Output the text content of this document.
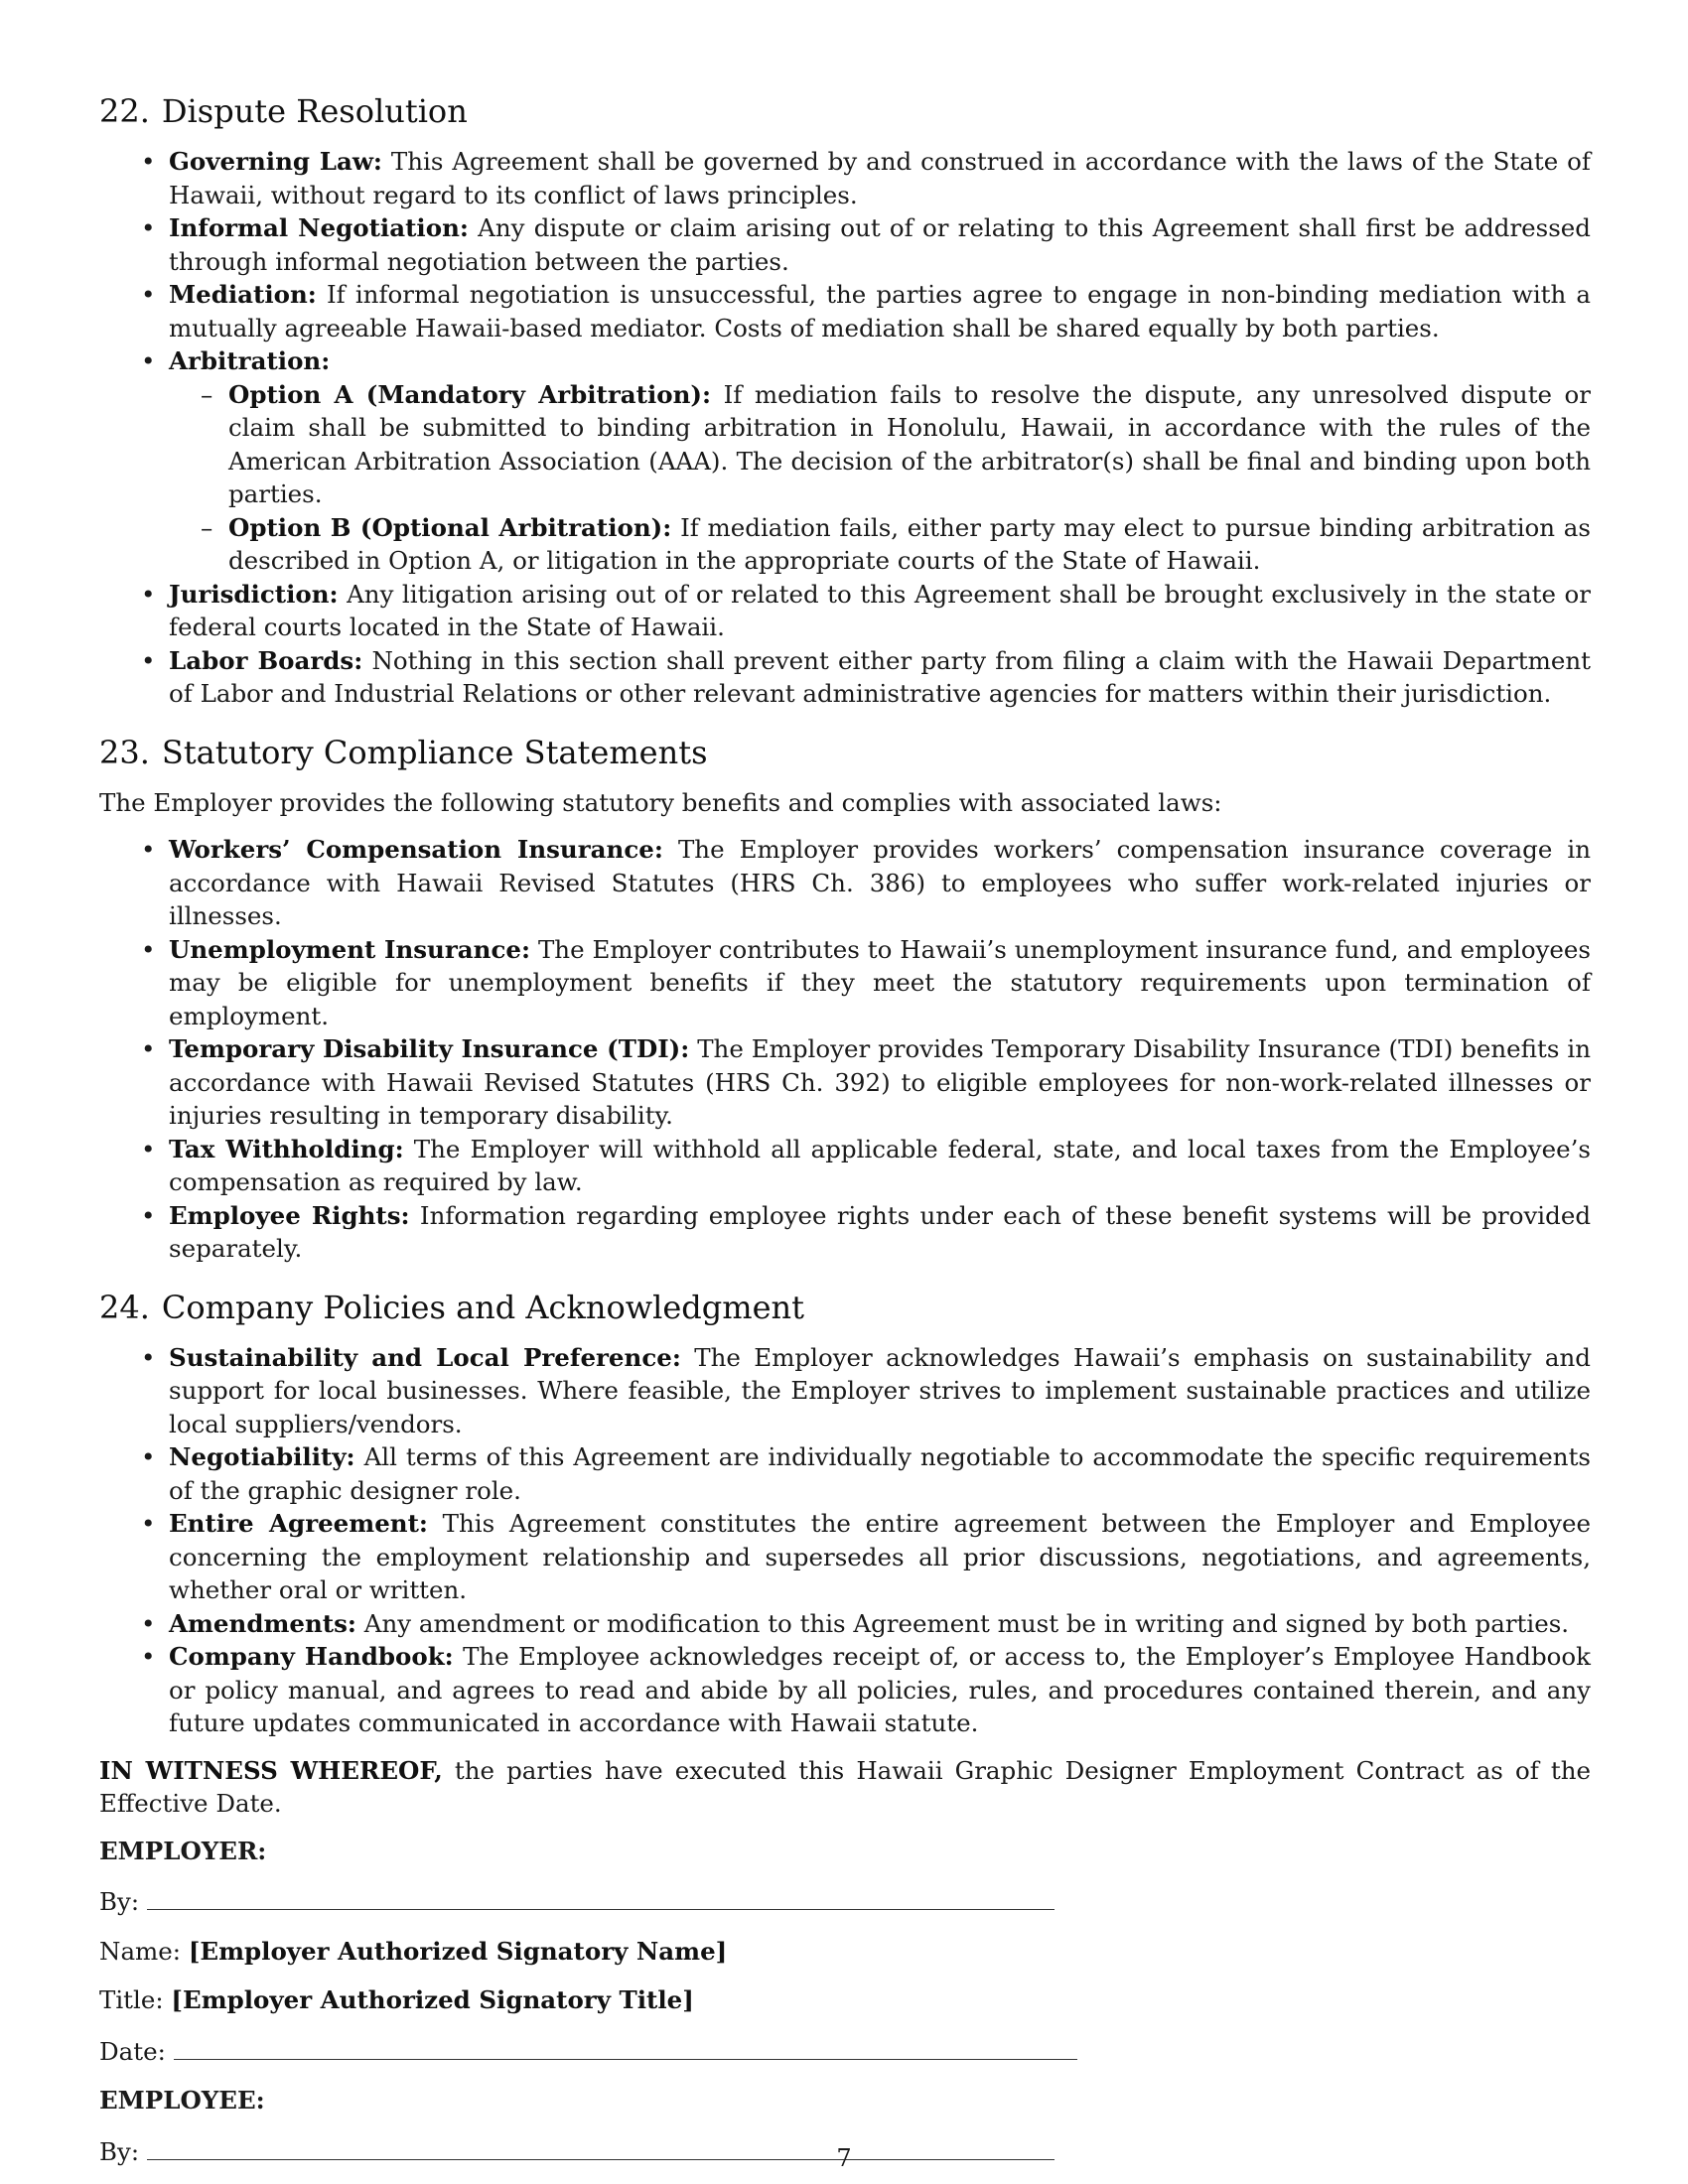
22. Dispute Resolution
• Governing Law: This Agreement shall be governed by and construed in accordance with the laws of the State of Hawaii, without regard to its conflict of laws principles.
• Informal Negotiation: Any dispute or claim arising out of or relating to this Agreement shall first be addressed through informal negotiation between the parties.
• Mediation: If informal negotiation is unsuccessful, the parties agree to engage in non-binding mediation with a mutually agreeable Hawaii-based mediator. Costs of mediation shall be shared equally by both parties.
• Arbitration:
– Option A (Mandatory Arbitration): If mediation fails to resolve the dispute, any unresolved dispute or claim shall be submitted to binding arbitration in Honolulu, Hawaii, in accordance with the rules of the American Arbitration Association (AAA). The decision of the arbitrator(s) shall be final and binding upon both parties.
– Option B (Optional Arbitration): If mediation fails, either party may elect to pursue binding arbitration as described in Option A, or litigation in the appropriate courts of the State of Hawaii.
• Jurisdiction: Any litigation arising out of or related to this Agreement shall be brought exclusively in the state or federal courts located in the State of Hawaii.
• Labor Boards: Nothing in this section shall prevent either party from filing a claim with the Hawaii Department of Labor and Industrial Relations or other relevant administrative agencies for matters within their jurisdiction.
23. Statutory Compliance Statements

The Employer provides the following statutory benefits and complies with associated laws:

• Workers’ Compensation Insurance: The Employer provides workers’ compensation insurance coverage in accordance with Hawaii Revised Statutes (HRS Ch. 386) to employees who suffer work-related injuries or illnesses.
• Unemployment Insurance: The Employer contributes to Hawaii’s unemployment insurance fund, and employees may be eligible for unemployment benefits if they meet the statutory requirements upon termination of employment.
• Temporary Disability Insurance (TDI): The Employer provides Temporary Disability Insurance (TDI) benefits in accordance with Hawaii Revised Statutes (HRS Ch. 392) to eligible employees for non-work-related illnesses or injuries resulting in temporary disability.
• Tax Withholding: The Employer will withhold all applicable federal, state, and local taxes from the Employee’s compensation as required by law.
• Employee Rights: Information regarding employee rights under each of these benefit systems will be provided separately.
24. Company Policies and Acknowledgment
• Sustainability and Local Preference: The Employer acknowledges Hawaii’s emphasis on sustainability and support for local businesses. Where feasible, the Employer strives to implement sustainable practices and utilize local suppliers/vendors.
• Negotiability: All terms of this Agreement are individually negotiable to accommodate the specific requirements of the graphic designer role.
• Entire Agreement: This Agreement constitutes the entire agreement between the Employer and Employee concerning the employment relationship and supersedes all prior discussions, negotiations, and agreements, whether oral or written.
• Amendments: Any amendment or modification to this Agreement must be in writing and signed by both parties.
• Company Handbook: The Employee acknowledges receipt of, or access to, the Employer’s Employee Handbook or policy manual, and agrees to read and abide by all policies, rules, and procedures contained therein, and any future updates communicated in accordance with Hawaii statute.

IN WITNESS WHEREOF, the parties have executed this Hawaii Graphic Designer Employment Contract as of the Effective Date.

EMPLOYER:
By:
Name: [Employer Authorized Signatory Name]
Title: [Employer Authorized Signatory Title]
Date:
EMPLOYEE:
By:	7
